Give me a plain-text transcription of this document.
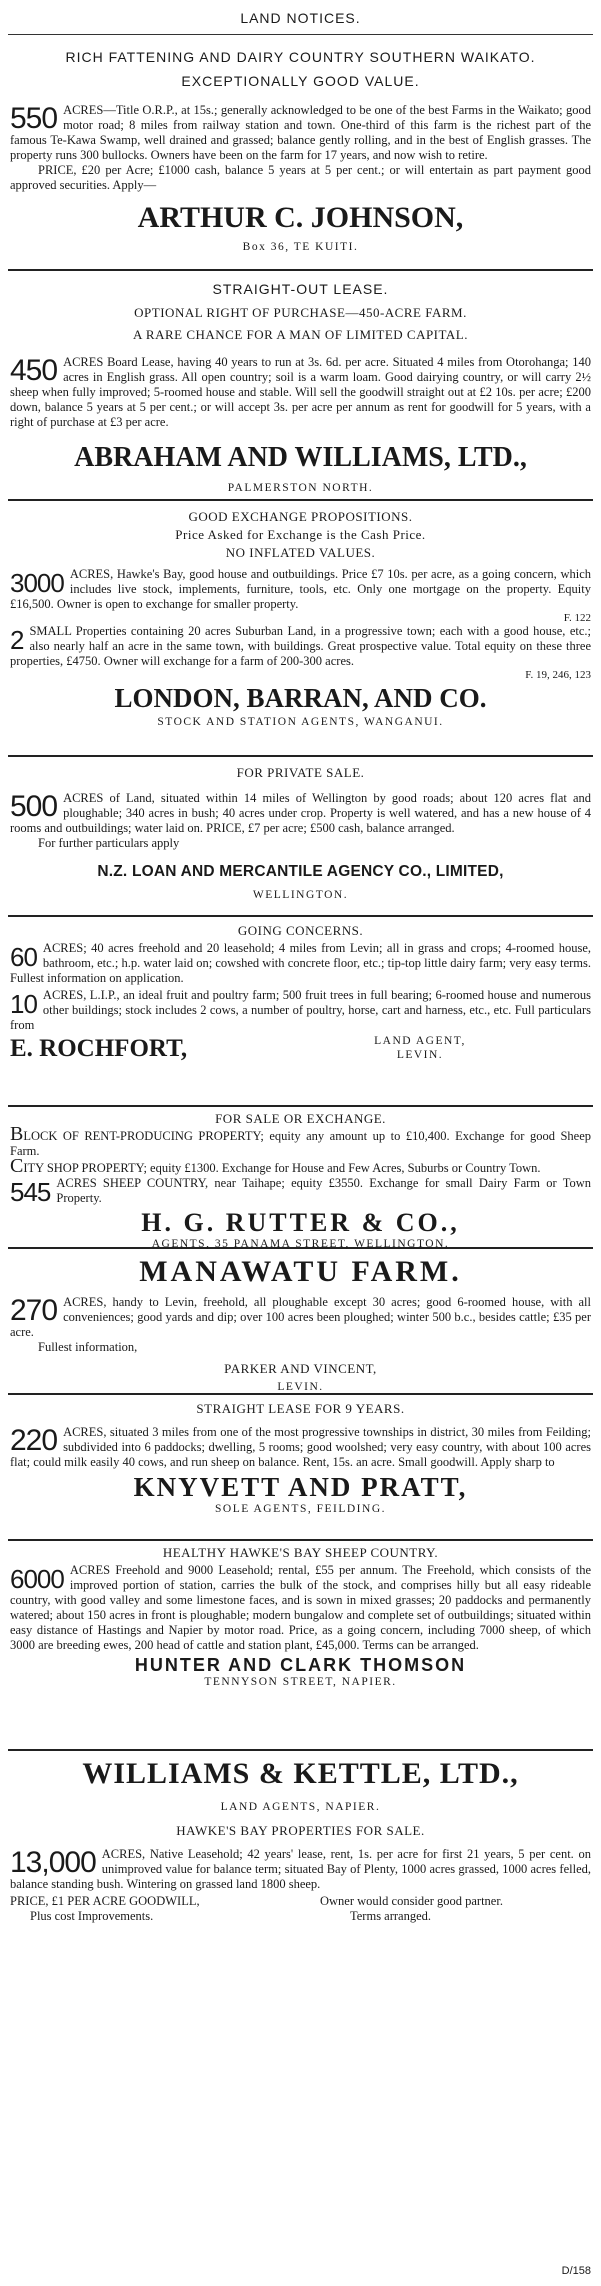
LAND NOTICES.
RICH FATTENING AND DAIRY COUNTRY SOUTHERN WAIKATO.
EXCEPTIONALLY GOOD VALUE.
550 ACRES—Title O.R.P., at 15s.; generally acknowledged to be one of the best Farms in the Waikato; good motor road; 8 miles from railway station and town. One-third of this farm is the richest part of the famous Te-Kawa Swamp, well drained and grassed; balance gently rolling, and in the best of English grasses. The property runs 300 bullocks. Owners have been on the farm for 17 years, and now wish to retire.
PRICE, £20 per Acre; £1000 cash, balance 5 years at 5 per cent.; or will entertain as part payment good approved securities. Apply—
ARTHUR C. JOHNSON,
Box 36, TE KUITI.
STRAIGHT-OUT LEASE.
OPTIONAL RIGHT OF PURCHASE—450-ACRE FARM.
A RARE CHANCE FOR A MAN OF LIMITED CAPITAL.
450 ACRES Board Lease, having 40 years to run at 3s. 6d. per acre. Situated 4 miles from Otorohanga; 140 acres in English grass. All open country; soil is a warm loam. Good dairying country, or will carry 2½ sheep when fully improved; 5-roomed house and stable. Will sell the goodwill straight out at £2 10s. per acre; £200 down, balance 5 years at 5 per cent.; or will accept 3s. per acre per annum as rent for goodwill for 5 years, with a right of purchase at £3 per acre.
ABRAHAM AND WILLIAMS, LTD.,
PALMERSTON NORTH.
GOOD EXCHANGE PROPOSITIONS.
Price Asked for Exchange is the Cash Price.
NO INFLATED VALUES.
3000 ACRES, Hawke's Bay, good house and outbuildings. Price £7 10s. per acre, as a going concern, which includes live stock, implements, furniture, tools, etc. Only one mortgage on the property. Equity £16,500. Owner is open to exchange for smaller property.
F. 122
2 SMALL Properties containing 20 acres Suburban Land, in a progressive town; each with a good house, etc.; also nearly half an acre in the same town, with buildings. Great prospective value. Total equity on these three properties, £4750. Owner will exchange for a farm of 200-300 acres.
F. 19, 246, 123
LONDON, BARRAN, AND CO.
STOCK AND STATION AGENTS, WANGANUI.
FOR PRIVATE SALE.
500 ACRES of Land, situated within 14 miles of Wellington by good roads; about 120 acres flat and ploughable; 340 acres in bush; 40 acres under crop. Property is well watered, and has a new house of 4 rooms and outbuildings; water laid on. PRICE, £7 per acre; £500 cash, balance arranged.
For further particulars apply
N.Z. LOAN AND MERCANTILE AGENCY CO., LIMITED,
WELLINGTON.
GOING CONCERNS.
60 ACRES; 40 acres freehold and 20 leasehold; 4 miles from Levin; all in grass and crops; 4-roomed house, bathroom, etc.; h.p. water laid on; cowshed with concrete floor, etc.; tip-top little dairy farm; very easy terms. Fullest information on application.
10 ACRES, L.I.P., an ideal fruit and poultry farm; 500 fruit trees in full bearing; 6-roomed house and numerous other buildings; stock includes 2 cows, a number of poultry, horse, cart and harness, etc., etc. Full particulars from
E. ROCHFORT,	LAND AGENT,
LEVIN.
FOR SALE OR EXCHANGE.
BLOCK OF RENT-PRODUCING PROPERTY; equity any amount up to £10,400. Exchange for good Sheep Farm.
CITY SHOP PROPERTY; equity £1300. Exchange for House and Few Acres, Suburbs or Country Town.
545 ACRES SHEEP COUNTRY, near Taihape; equity £3550. Exchange for small Dairy Farm or Town Property.
H. G. RUTTER & CO.,
AGENTS, 35 PANAMA STREET, WELLINGTON.
MANAWATU FARM.
270 ACRES, handy to Levin, freehold, all ploughable except 30 acres; good 6-roomed house, with all conveniences; good yards and dip; over 100 acres been ploughed; winter 500 b.c., besides cattle; £35 per acre.
Fullest information,
PARKER AND VINCENT,
LEVIN.
STRAIGHT LEASE FOR 9 YEARS.
220 ACRES, situated 3 miles from one of the most progressive townships in district, 30 miles from Feilding; subdivided into 6 paddocks; dwelling, 5 rooms; good woolshed; very easy country, with about 100 acres flat; could milk easily 40 cows, and run sheep on balance. Rent, 15s. an acre. Small goodwill. Apply sharp to
KNYVETT AND PRATT,
SOLE AGENTS, FEILDING.
HEALTHY HAWKE'S BAY SHEEP COUNTRY.
6000 ACRES Freehold and 9000 Leasehold; rental, £55 per annum. The Freehold, which consists of the improved portion of station, carries the bulk of the stock, and comprises hilly but all easy rideable country, with good valley and some limestone faces, and is sown in mixed grasses; 20 paddocks and permanently watered; about 150 acres in front is ploughable; modern bungalow and complete set of outbuildings; situated within easy distance of Hastings and Napier by motor road. Price, as a going concern, including 7000 sheep, of which 3000 are breeding ewes, 200 head of cattle and station plant, £45,000. Terms can be arranged.
HUNTER AND CLARK THOMSON
TENNYSON STREET, NAPIER.
WILLIAMS & KETTLE, LTD.,
LAND AGENTS, NAPIER.
HAWKE'S BAY PROPERTIES FOR SALE.
13,000 ACRES, Native Leasehold; 42 years' lease, rent, 1s. per acre for first 21 years, 5 per cent. on unimproved value for balance term; situated Bay of Plenty, 1000 acres grassed, 1000 acres felled, balance standing bush. Wintering on grassed land 1800 sheep.
PRICE, £1 PER ACRE GOODWILL,
Plus cost Improvements.
Owner would consider good partner.
Terms arranged.
D/158
